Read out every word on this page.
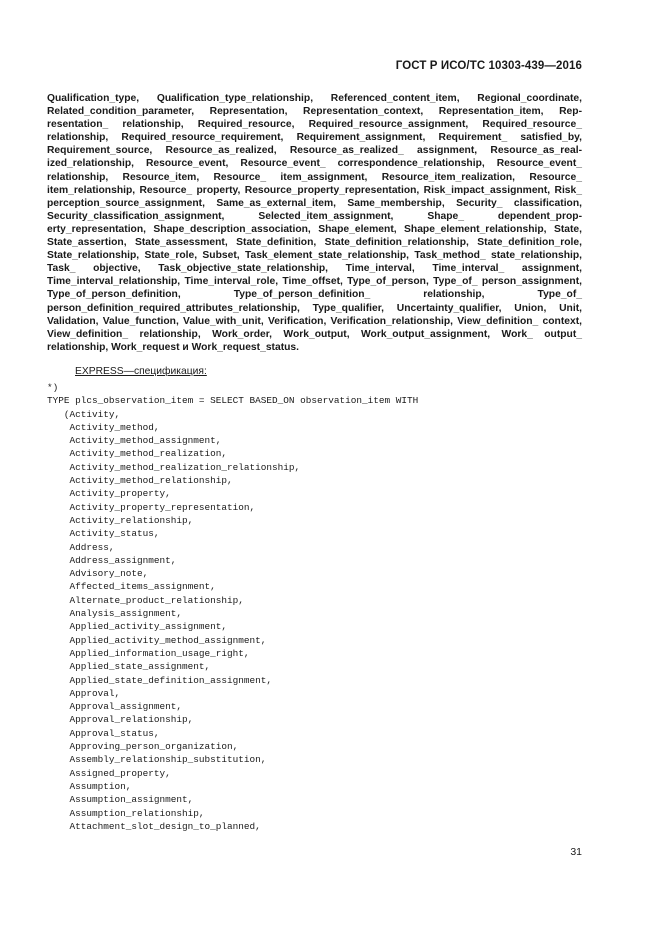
ГОСТ Р ИСО/ТС 10303-439—2016

Qualification_type, Qualification_type_relationship, Referenced_content_item, Regional_coordinate, Related_condition_parameter, Representation, Representation_context, Representation_item, Representation_ relationship, Required_resource, Required_resource_assignment, Required_resource_ relationship, Required_resource_requirement, Requirement_assignment, Requirement_ satisfied_by, Requirement_source, Resource_as_realized, Resource_as_realized_ assignment, Resource_as_realized_relationship, Resource_event, Resource_event_ correspondence_relationship, Resource_event_ relationship, Resource_item, Resource_ item_assignment, Resource_item_realization, Resource_ item_relationship, Resource_ property, Resource_property_representation, Risk_impact_assignment, Risk_ perception_source_assignment, Same_as_external_item, Same_membership, Security_ classification, Security_classification_assignment, Selected_item_assignment, Shape_ dependent_property_representation, Shape_description_association, Shape_element, Shape_element_relationship, State, State_assertion, State_assessment, State_definition, State_definition_relationship, State_definition_role, State_relationship, State_role, Subset, Task_element_state_relationship, Task_method_ state_relationship, Task_ objective, Task_objective_state_relationship, Time_interval, Time_interval_ assignment, Time_interval_relationship, Time_interval_role, Time_offset, Type_of_person, Type_of_ person_assignment, Type_of_person_definition, Type_of_person_definition_ relationship, Type_of_ person_definition_required_attributes_relationship, Type_qualifier, Uncertainty_qualifier, Union, Unit, Validation, Value_function, Value_with_unit, Verification, Verification_relationship, View_definition_ context, View_definition_ relationship, Work_order, Work_output, Work_output_assignment, Work_ output_ relationship, Work_request и Work_request_status.

EXPRESS—спецификация:
*)
TYPE plcs_observation_item = SELECT BASED_ON observation_item WITH
(Activity,
Activity_method,
Activity_method_assignment,
Activity_method_realization,
Activity_method_realization_relationship,
Activity_method_relationship,
Activity_property,
Activity_property_representation,
Activity_relationship,
Activity_status,
Address,
Address_assignment,
Advisory_note,
Affected_items_assignment,
Alternate_product_relationship,
Analysis_assignment,
Applied_activity_assignment,
Applied_activity_method_assignment,
Applied_information_usage_right,
Applied_state_assignment,
Applied_state_definition_assignment,
Approval,
Approval_assignment,
Approval_relationship,
Approval_status,
Approving_person_organization,
Assembly_relationship_substitution,
Assigned_property,
Assumption,
Assumption_assignment,
Assumption_relationship,
Attachment_slot_design_to_planned,
31
